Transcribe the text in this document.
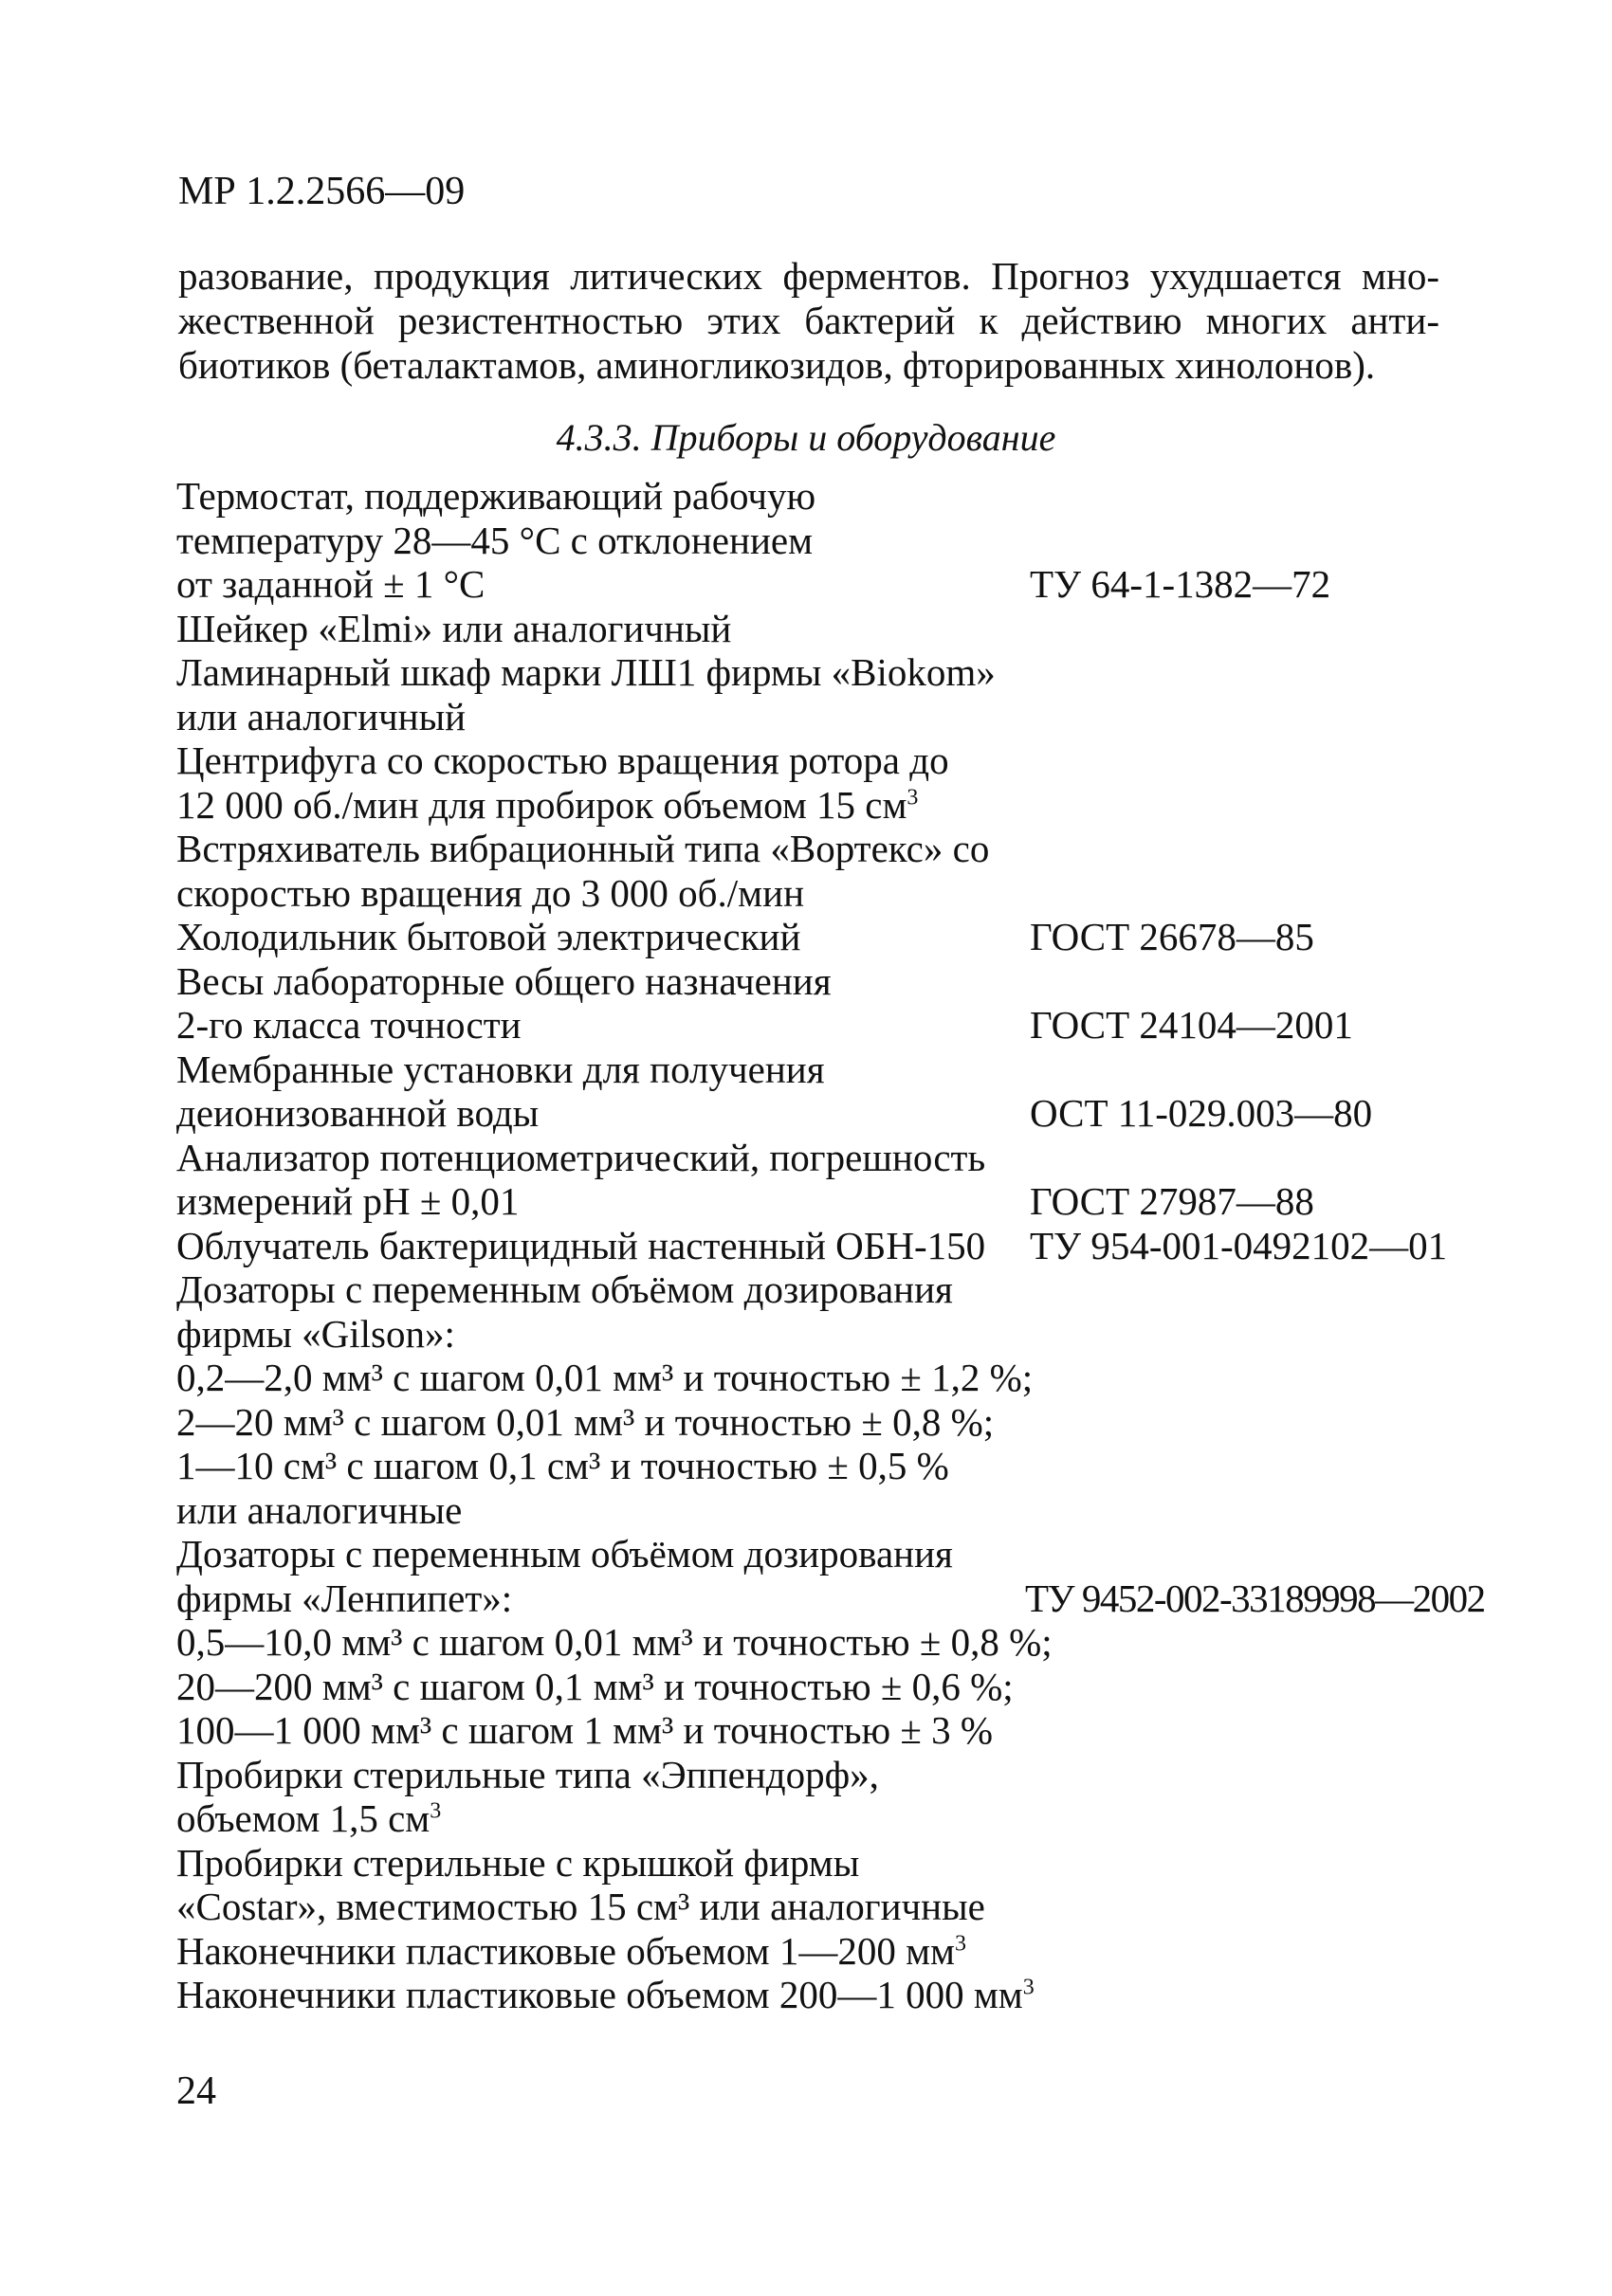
МР 1.2.2566—09
разование, продукция литических ферментов. Прогноз ухудшается мно-
жественной резистентностью этих бактерий к действию многих анти-
биотиков (беталактамов, аминогликозидов, фторированных хинолонов).
4.3.3. Приборы и оборудование
Термостат, поддерживающий рабочую
температуру 28—45 °С с отклонением
от заданной ± 1 °С	ТУ 64-1-1382—72
Шейкер «Elmi» или аналогичный
Ламинарный шкаф марки ЛШ1 фирмы «Biokom»
или аналогичный
Центрифуга со скоростью вращения ротора до
12 000 об./мин для пробирок объемом 15 $см^3$
Встряхиватель вибрационный типа «Вортекс» со
скоростью вращения до 3 000 об./мин
Холодильник бытовой электрический	ГОСТ 26678—85
Весы лабораторные общего назначения
2-го класса точности	ГОСТ 24104—2001
Мембранные установки для получения
деионизованной воды	ОСТ 11-029.003—80
Анализатор потенциометрический, погрешность
измерений pH ± 0,01	ГОСТ 27987—88
Облучатель бактерицидный настенный ОБН-150 ТУ 954-001-0492102—01
Дозаторы с переменным объёмом дозирования
фирмы «Gilson»:
0,2—2,0 мм³ с шагом 0,01 мм³ и точностью ± 1,2 %;
2—20 мм³ с шагом 0,01 мм³ и точностью ± 0,8 %;
1—10 см³ с шагом 0,1 см³ и точностью ± 0,5 %
или аналогичные
Дозаторы с переменным объёмом дозирования
фирмы «Ленпипет»:	ТУ 9452-002-33189998—2002
0,5—10,0 мм³ с шагом 0,01 мм³ и точностью ± 0,8 %;
20—200 мм³ с шагом 0,1 мм³ и точностью ± 0,6 %;
100—1 000 мм³ с шагом 1 мм³ и точностью ± 3 %
Пробирки стерильные типа «Эппендорф»,
объемом 1,5 $см^3$
Пробирки стерильные с крышкой фирмы
«Costar», вместимостью 15 см³ или аналогичные
Наконечники пластиковые объемом 1—200 $мм^3$
Наконечники пластиковые объемом 200—1 000 $мм^3$
24
